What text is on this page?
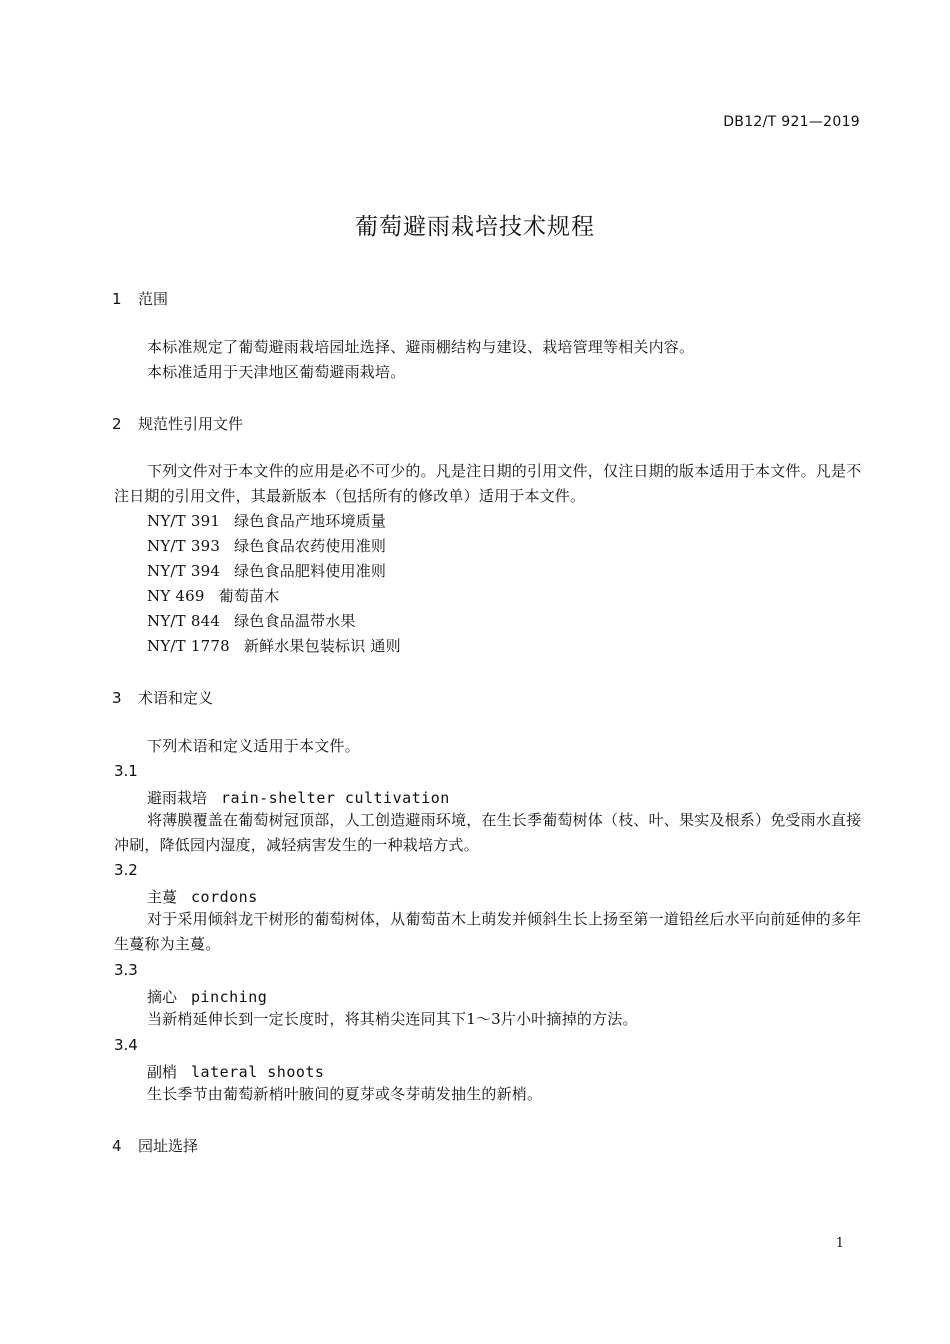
DB12/T 921—2019
葡萄避雨栽培技术规程
1 范围
本标准规定了葡萄避雨栽培园址选择、避雨棚结构与建设、栽培管理等相关内容。
本标准适用于天津地区葡萄避雨栽培。
2 规范性引用文件
下列文件对于本文件的应用是必不可少的。凡是注日期的引用文件，仅注日期的版本适用于本文件。凡是不注日期的引用文件，其最新版本（包括所有的修改单）适用于本文件。
NY/T 391 绿色食品产地环境质量
NY/T 393 绿色食品农药使用准则
NY/T 394 绿色食品肥料使用准则
NY 469 葡萄苗木
NY/T 844 绿色食品温带水果
NY/T 1778 新鲜水果包装标识 通则
3 术语和定义
下列术语和定义适用于本文件。
3.1
避雨栽培 rain-shelter cultivation
将薄膜覆盖在葡萄树冠顶部，人工创造避雨环境，在生长季葡萄树体（枝、叶、果实及根系）免受雨水直接冲刷，降低园内湿度，减轻病害发生的一种栽培方式。
3.2
主蔓 cordons
对于采用倾斜龙干树形的葡萄树体，从葡萄苗木上萌发并倾斜生长上扬至第一道铅丝后水平向前延伸的多年生蔓称为主蔓。
3.3
摘心 pinching
当新梢延伸长到一定长度时，将其梢尖连同其下1～3片小叶摘掉的方法。
3.4
副梢 lateral shoots
生长季节由葡萄新梢叶腋间的夏芽或冬芽萌发抽生的新梢。
4 园址选择
1
